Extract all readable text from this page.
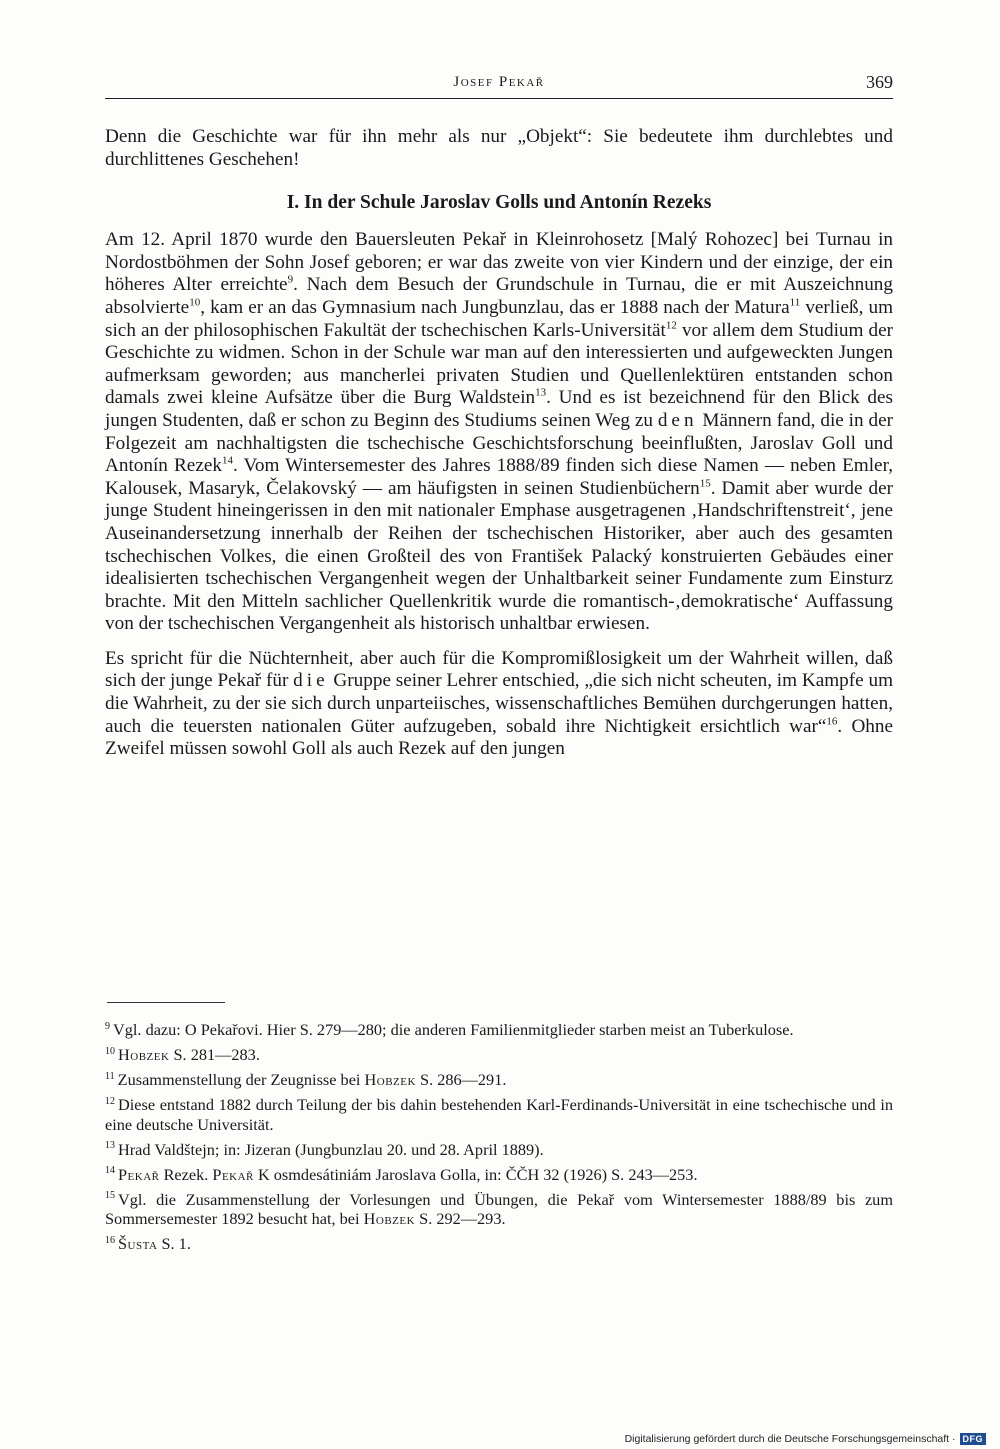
Josef Pekař	369

Denn die Geschichte war für ihn mehr als nur „Objekt“: Sie bedeutete ihm durchlebtes und durchlittenes Geschehen!

I. In der Schule Jaroslav Golls und Antonín Rezeks

Am 12. April 1870 wurde den Bauersleuten Pekař in Kleinrohosetz [Malý Rohozec] bei Turnau in Nordostböhmen der Sohn Josef geboren; er war das zweite von vier Kindern und der einzige, der ein höheres Alter erreichte$^9$. Nach dem Besuch der Grundschule in Turnau, die er mit Auszeichnung absolvierte$^{10}$, kam er an das Gymnasium nach Jungbunzlau, das er 1888 nach der Matura$^{11}$ verließ, um sich an der philosophischen Fakultät der tschechischen Karls-Universität$^{12}$ vor allem dem Studium der Geschichte zu widmen. Schon in der Schule war man auf den interessierten und aufgeweckten Jungen aufmerksam geworden; aus mancherlei privaten Studien und Quellenlektüren entstanden schon damals zwei kleine Aufsätze über die Burg Waldstein$^{13}$. Und es ist bezeichnend für den Blick des jungen Studenten, daß er schon zu Beginn des Studiums seinen Weg zu den Männern fand, die in der Folgezeit am nachhaltigsten die tschechische Geschichtsforschung beeinflußten, Jaroslav Goll und Antonín Rezek$^{14}$. Vom Wintersemester des Jahres 1888/89 finden sich diese Namen — neben Emler, Kalousek, Masaryk, Čelakovský — am häufigsten in seinen Studienbüchern$^{15}$. Damit aber wurde der junge Student hineingerissen in den mit nationaler Emphase ausgetragenen ‚Handschriftenstreit‘, jene Auseinandersetzung innerhalb der Reihen der tschechischen Historiker, aber auch des gesamten tschechischen Volkes, die einen Großteil des von František Palacký konstruierten Gebäudes einer idealisierten tschechischen Vergangenheit wegen der Unhaltbarkeit seiner Fundamente zum Einsturz brachte. Mit den Mitteln sachlicher Quellenkritik wurde die romantisch-‚demokratische‘ Auffassung von der tschechischen Vergangenheit als historisch unhaltbar erwiesen.

Es spricht für die Nüchternheit, aber auch für die Kompromißlosigkeit um der Wahrheit willen, daß sich der junge Pekař für die Gruppe seiner Lehrer entschied, „die sich nicht scheuten, im Kampfe um die Wahrheit, zu der sie sich durch unparteiisches, wissenschaftliches Bemühen durchgerungen hatten, auch die teuersten nationalen Güter aufzugeben, sobald ihre Nichtigkeit ersichtlich war“$^{16}$. Ohne Zweifel müssen sowohl Goll als auch Rezek auf den jungen

$^9$ Vgl. dazu: O Pekařovi. Hier S. 279—280; die anderen Familienmitglieder starben meist an Tuberkulose.

$^{10}$ Hobzek S. 281—283.

$^{11}$ Zusammenstellung der Zeugnisse bei Hobzek S. 286—291.

$^{12}$ Diese entstand 1882 durch Teilung der bis dahin bestehenden Karl-Ferdinands-Universität in eine tschechische und in eine deutsche Universität.

$^{13}$ Hrad Valdštejn; in: Jizeran (Jungbunzlau 20. und 28. April 1889).

$^{14}$ Pekař Rezek. Pekař K osmdesátiniám Jaroslava Golla, in: ČČH 32 (1926) S. 243—253.

$^{15}$ Vgl. die Zusammenstellung der Vorlesungen und Übungen, die Pekař vom Wintersemester 1888/89 bis zum Sommersemester 1892 besucht hat, bei Hobzek S. 292—293.

$^{16}$ Šusta S. 1.

Digitalisierung gefördert durch die Deutsche Forschungsgemeinschaft · DFG
